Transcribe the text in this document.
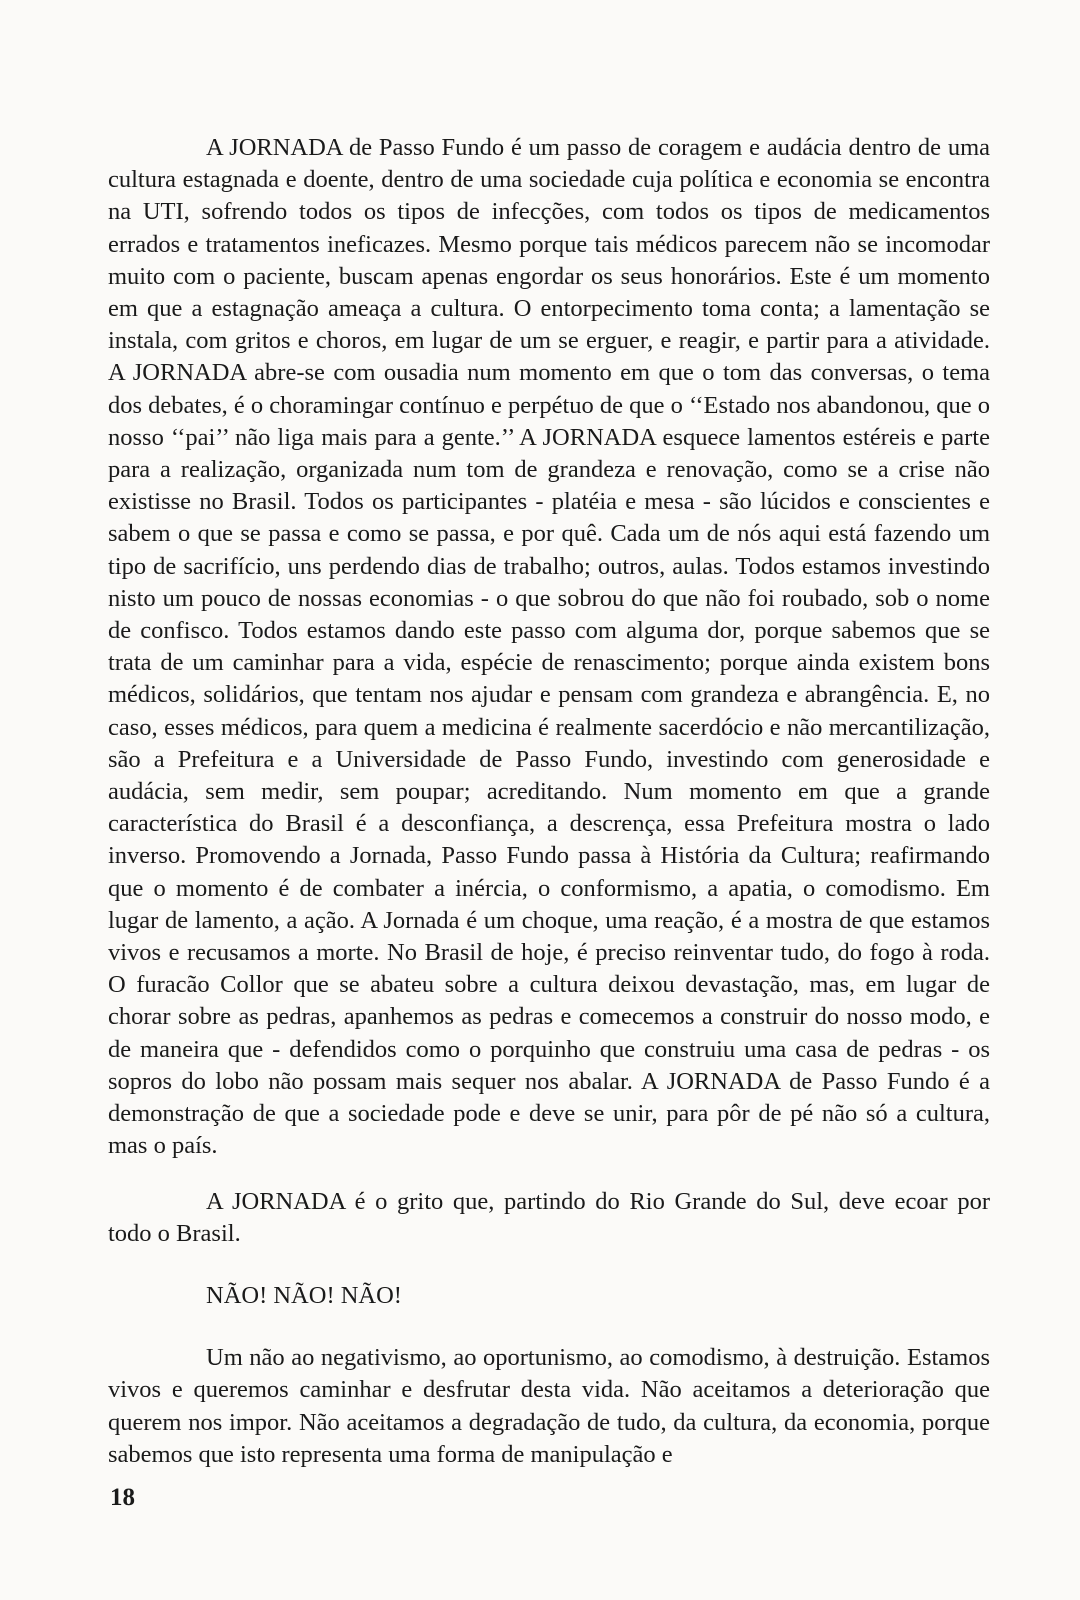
A JORNADA de Passo Fundo é um passo de coragem e audácia dentro de uma cultura estagnada e doente, dentro de uma sociedade cuja política e economia se encontra na UTI, sofrendo todos os tipos de infecções, com todos os tipos de medicamentos errados e tratamentos ineficazes. Mesmo porque tais médicos parecem não se incomodar muito com o paciente, buscam apenas engordar os seus honorários. Este é um momento em que a estagnação ameaça a cultura. O entorpecimento toma conta; a lamentação se instala, com gritos e choros, em lugar de um se erguer, e reagir, e partir para a atividade. A JORNADA abre-se com ousadia num momento em que o tom das conversas, o tema dos debates, é o choramingar contínuo e perpétuo de que o ‘‘Estado nos abandonou, que o nosso ‘‘pai’’ não liga mais para a gente.’’ A JORNADA esquece lamentos estéreis e parte para a realização, organizada num tom de grandeza e renovação, como se a crise não existisse no Brasil. Todos os participantes - platéia e mesa - são lúcidos e conscientes e sabem o que se passa e como se passa, e por quê. Cada um de nós aqui está fazendo um tipo de sacrifício, uns perdendo dias de trabalho; outros, aulas. Todos estamos investindo nisto um pouco de nossas economias - o que sobrou do que não foi roubado, sob o nome de confisco. Todos estamos dando este passo com alguma dor, porque sabemos que se trata de um caminhar para a vida, espécie de renascimento; porque ainda existem bons médicos, solidários, que tentam nos ajudar e pensam com grandeza e abrangência. E, no caso, esses médicos, para quem a medicina é realmente sacerdócio e não mercantilização, são a Prefeitura e a Universidade de Passo Fundo, investindo com generosidade e audácia, sem medir, sem poupar; acreditando. Num momento em que a grande característica do Brasil é a desconfiança, a descrença, essa Prefeitura mostra o lado inverso. Promovendo a Jornada, Passo Fundo passa à História da Cultura; reafirmando que o momento é de combater a inércia, o conformismo, a apatia, o comodismo. Em lugar de lamento, a ação. A Jornada é um choque, uma reação, é a mostra de que estamos vivos e recusamos a morte. No Brasil de hoje, é preciso reinventar tudo, do fogo à roda. O furacão Collor que se abateu sobre a cultura deixou devastação, mas, em lugar de chorar sobre as pedras, apanhemos as pedras e comecemos a construir do nosso modo, e de maneira que - defendidos como o porquinho que construiu uma casa de pedras - os sopros do lobo não possam mais sequer nos abalar. A JORNADA de Passo Fundo é a demonstração de que a sociedade pode e deve se unir, para pôr de pé não só a cultura, mas o país.

A JORNADA é o grito que, partindo do Rio Grande do Sul, deve ecoar por todo o Brasil.

NÃO! NÃO! NÃO!

Um não ao negativismo, ao oportunismo, ao comodismo, à destruição. Estamos vivos e queremos caminhar e desfrutar desta vida. Não aceitamos a deterioração que querem nos impor. Não aceitamos a degradação de tudo, da cultura, da economia, porque sabemos que isto representa uma forma de manipulação e

18
